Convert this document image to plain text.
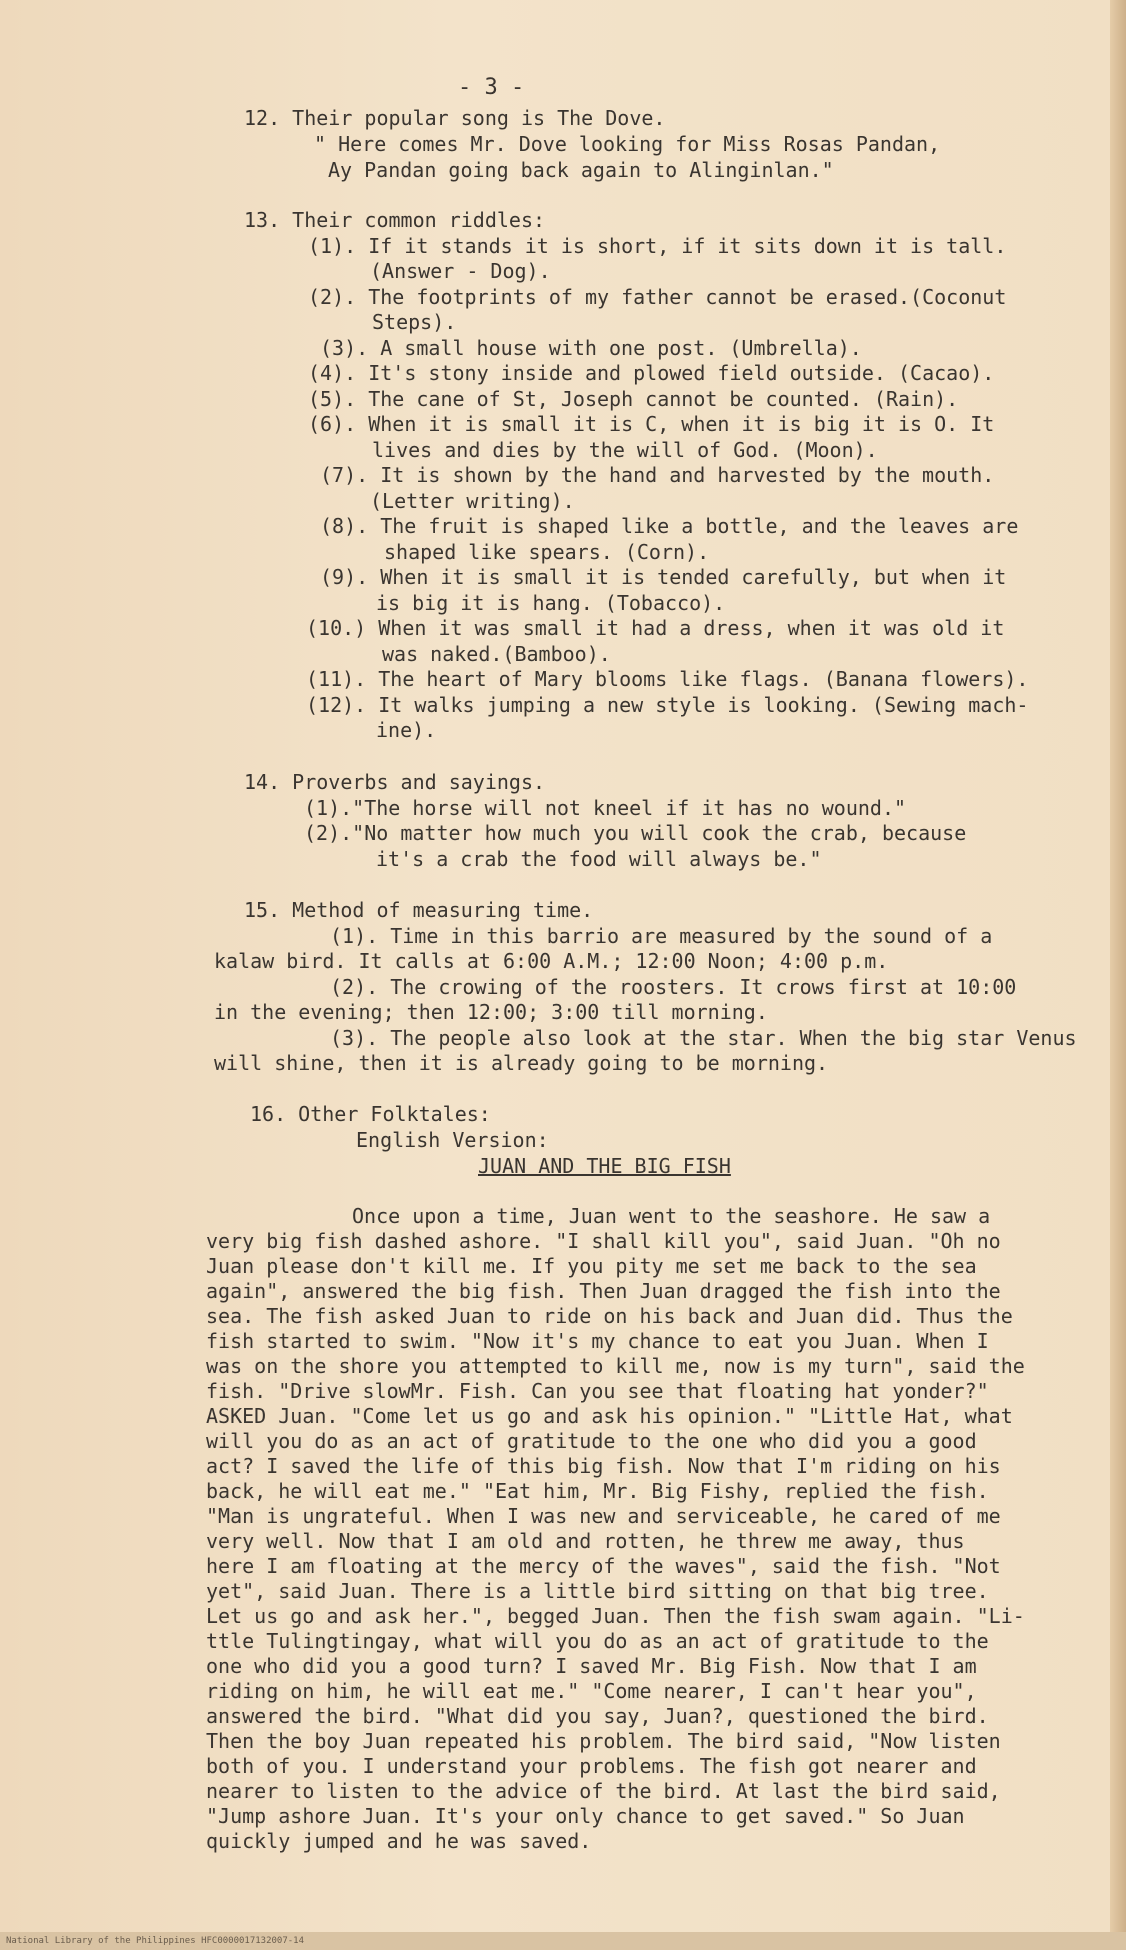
- 3 -
12. Their popular song is The Dove.
" Here comes Mr. Dove looking for Miss Rosas Pandan,
Ay Pandan going back again to Alinginlan."
13. Their common riddles:
(1). If it stands it is short, if it sits down it is tall.
(Answer - Dog).
(2). The footprints of my father cannot be erased.(Coconut
Steps).
(3). A small house with one post. (Umbrella).
(4). It's stony inside and plowed field outside. (Cacao).
(5). The cane of St, Joseph cannot be counted. (Rain).
(6). When it is small it is C, when it is big it is O. It
lives and dies by the will of God. (Moon).
(7). It is shown by the hand and harvested by the mouth.
(Letter writing).
(8). The fruit is shaped like a bottle, and the leaves are
shaped like spears. (Corn).
(9). When it is small it is tended carefully, but when it
is big it is hang. (Tobacco).
(10.) When it was small it had a dress, when it was old it
was naked.(Bamboo).
(11). The heart of Mary blooms like flags. (Banana flowers).
(12). It walks jumping a new style is looking. (Sewing mach-
ine).
14. Proverbs and sayings.
(1)."The horse will not kneel if it has no wound."
(2)."No matter how much you will cook the crab, because
it's a crab the food will always be."
15. Method of measuring time.
(1). Time in this barrio are measured by the sound of a
kalaw bird. It calls at 6:00 A.M.; 12:00 Noon; 4:00 p.m.
(2). The crowing of the roosters. It crows first at 10:00
in the evening; then 12:00; 3:00 till morning.
(3). The people also look at the star. When the big star Venus
will shine, then it is already going to be morning.
16. Other Folktales:
English Version:
JUAN AND THE BIG FISH
Once upon a time, Juan went to the seashore. He saw a
very big fish dashed ashore. "I shall kill you", said Juan. "Oh no
Juan please don't kill me. If you pity me set me back to the sea
again", answered the big fish. Then Juan dragged the fish into the
sea. The fish asked Juan to ride on his back and Juan did. Thus the
fish started to swim. "Now it's my chance to eat you Juan. When I
was on the shore you attempted to kill me, now is my turn", said the
fish. "Drive slowMr. Fish. Can you see that floating hat yonder?"
ASKED Juan. "Come let us go and ask his opinion." "Little Hat, what
will you do as an act of gratitude to the one who did you a good
act? I saved the life of this big fish. Now that I'm riding on his
back, he will eat me." "Eat him, Mr. Big Fishy, replied the fish.
"Man is ungrateful. When I was new and serviceable, he cared of me
very well. Now that I am old and rotten, he threw me away, thus
here I am floating at the mercy of the waves", said the fish. "Not
yet", said Juan. There is a little bird sitting on that big tree.
Let us go and ask her.", begged Juan. Then the fish swam again. "Li-
ttle Tulingtingay, what will you do as an act of gratitude to the
one who did you a good turn? I saved Mr. Big Fish. Now that I am
riding on him, he will eat me." "Come nearer, I can't hear you",
answered the bird. "What did you say, Juan?, questioned the bird.
Then the boy Juan repeated his problem. The bird said, "Now listen
both of you. I understand your problems. The fish got nearer and
nearer to listen to the advice of the bird. At last the bird said,
"Jump ashore Juan. It's your only chance to get saved." So Juan
quickly jumped and he was saved.
National Library of the Philippines HFC0000017132007-14
